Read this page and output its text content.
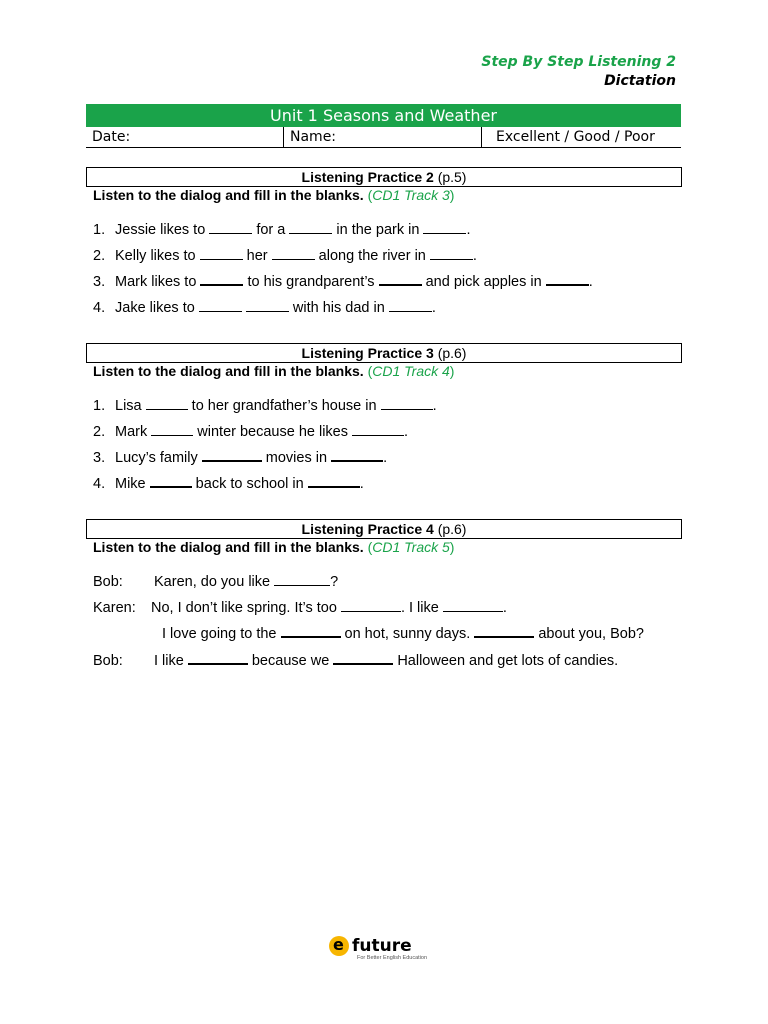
Step By Step Listening 2
Dictation
Unit 1 Seasons and Weather
Date:	Name:	Excellent / Good / Poor
Listening Practice 2 (p.5)
Listen to the dialog and fill in the blanks. (CD1 Track 3)
1. Jessie likes to	for a	in the park in	.
2. Kelly likes to	her	along the river in	.
3. Mark likes to	to his grandparent’s	and pick apples in	.
4. Jake likes to	with his dad in	.
Listening Practice 3 (p.6)
Listen to the dialog and fill in the blanks. (CD1 Track 4)
1. Lisa	to her grandfather’s house in	.
2. Mark	winter because he likes	.
3. Lucy’s family	movies in	.
4. Mike	back to school in	.
Listening Practice 4 (p.6)
Listen to the dialog and fill in the blanks. (CD1 Track 5)
Bob: Karen, do you like	?
Karen: No, I don’t like spring. It’s too	. I like	.
I love going to the	on hot, sunny days.	about you, Bob?
Bob: I like	because we	Halloween and get lots of candies.
e future
For Better English Education
